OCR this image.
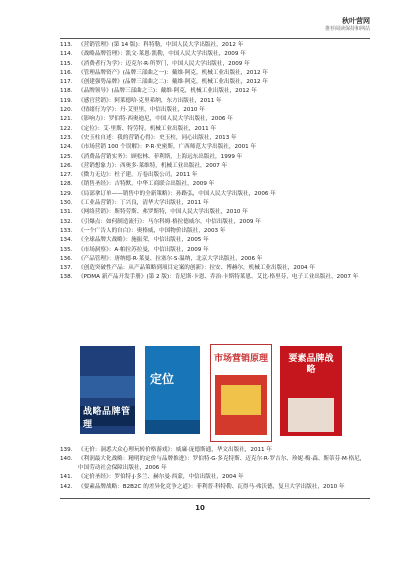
秋叶营网
推荐阅读保持和网站
113. 《营销管理》(第 14 版)：科特勒，中国人民大学出版社，2012 年
114. 《战略品牌管理》：凯文·莱恩·凯勒，中国人民大学出版社，2009 年
115. 《消费者行为学》：迈克尔·R·所罗门，中国人民大学出版社，2009 年
116. 《管理品牌资产》(品牌三部曲之一)：戴维·阿克，机械工业出版社，2012 年
117. 《创建强势品牌》(品牌三部曲之二)：戴维·阿克，机械工业出版社，2012 年
118. 《品牌领导》(品牌三部曲之三)：戴维·阿克，机械工业出版社，2012 年
119. 《感官营销》：阿莱德哈·克里希纳，东方出版社，2011 年
120. 《情绪行为学》：丹·艾里里，中信出版社，2010 年
121. 《影响力》：罗伯特·西奥迪尼，中国人民大学出版社，2006 年
122. 《定位》：艾·里斯、特劳特，机械工业出版社，2011 年
123. 《史玉柱自述：我的营销心得》：史玉柱，同心出版社，2013 年
124. 《市场营销 100 个误解》：P·R·史密斯，广西师范大学出版社，2001 年
125. 《消费品营销实务》：顾松林、菲利斯，上海远东出版社，1999 年
126. 《营销想象力》：西奥多·莱维特，机械工业出版社，2007 年
127. 《微力无边》：杜子建，万卷出版公司，2011 年
128. 《销售圣经》：吉特默，中华工商联合出版社，2009 年
129. 《局部拿订单——销售中的全新策略》：孙路弘，中国人民大学出版社，2006 年
130. 《工业品营销》：丁兴良，清华大学出版社，2011 年
131. 《网络营销》：斯特劳斯、弗罗斯特，中国人民大学出版社，2010 年
132. 《引爆点：如何制造流行》：马尔科姆·格拉德威尔，中信出版社，2009 年
133. 《一个广告人的自白》：奥格威，中国物价出版社，2003 年
134. 《全球品牌大战略》：施振荣，中信出版社，2005 年
135. 《市场洞察》：A·帕拉苏拉曼，中信出版社，2009 年
136. 《产品管理》：唐纳德·R·莱曼、拉塞尔·S·温纳，北京大学出版社，2006 年
137. 《创造突破性产品：从产品策略到项目定案的创新》：拉安、博赫尔，机械工业出版社，2004 年
138. 《PDMA 新产品开发手册》(第 2 版)：肯尼斯·卡恩、乔治·卡斯特莱恩、艾比·格里芬，电子工业出版社，2007 年
战略品牌管理
定位
市场营销原理 要素品牌战略
139. 《无价：洞悉大众心理玩转价格游戏》：威廉·庞德斯通，华文出版社，2011 年
140. 《利润最大化战略：精明的定价与品牌推进》：罗伯特·G·多克特斯、迈克尔·R·罗吉尔、珍妮·梅·森、斯蒂芬·M·格尼，中国劳动社会保障出版社，2006 年
141. 《定价圣经》：罗伯特·J·多兰、赫尔曼·西蒙，中信出版社，2004 年
142. 《要素品牌战略：B2B2C 的差异化竞争之道》：菲利普·科特勒、瓦得马·弗沃德，复旦大学出版社，2010 年
10
